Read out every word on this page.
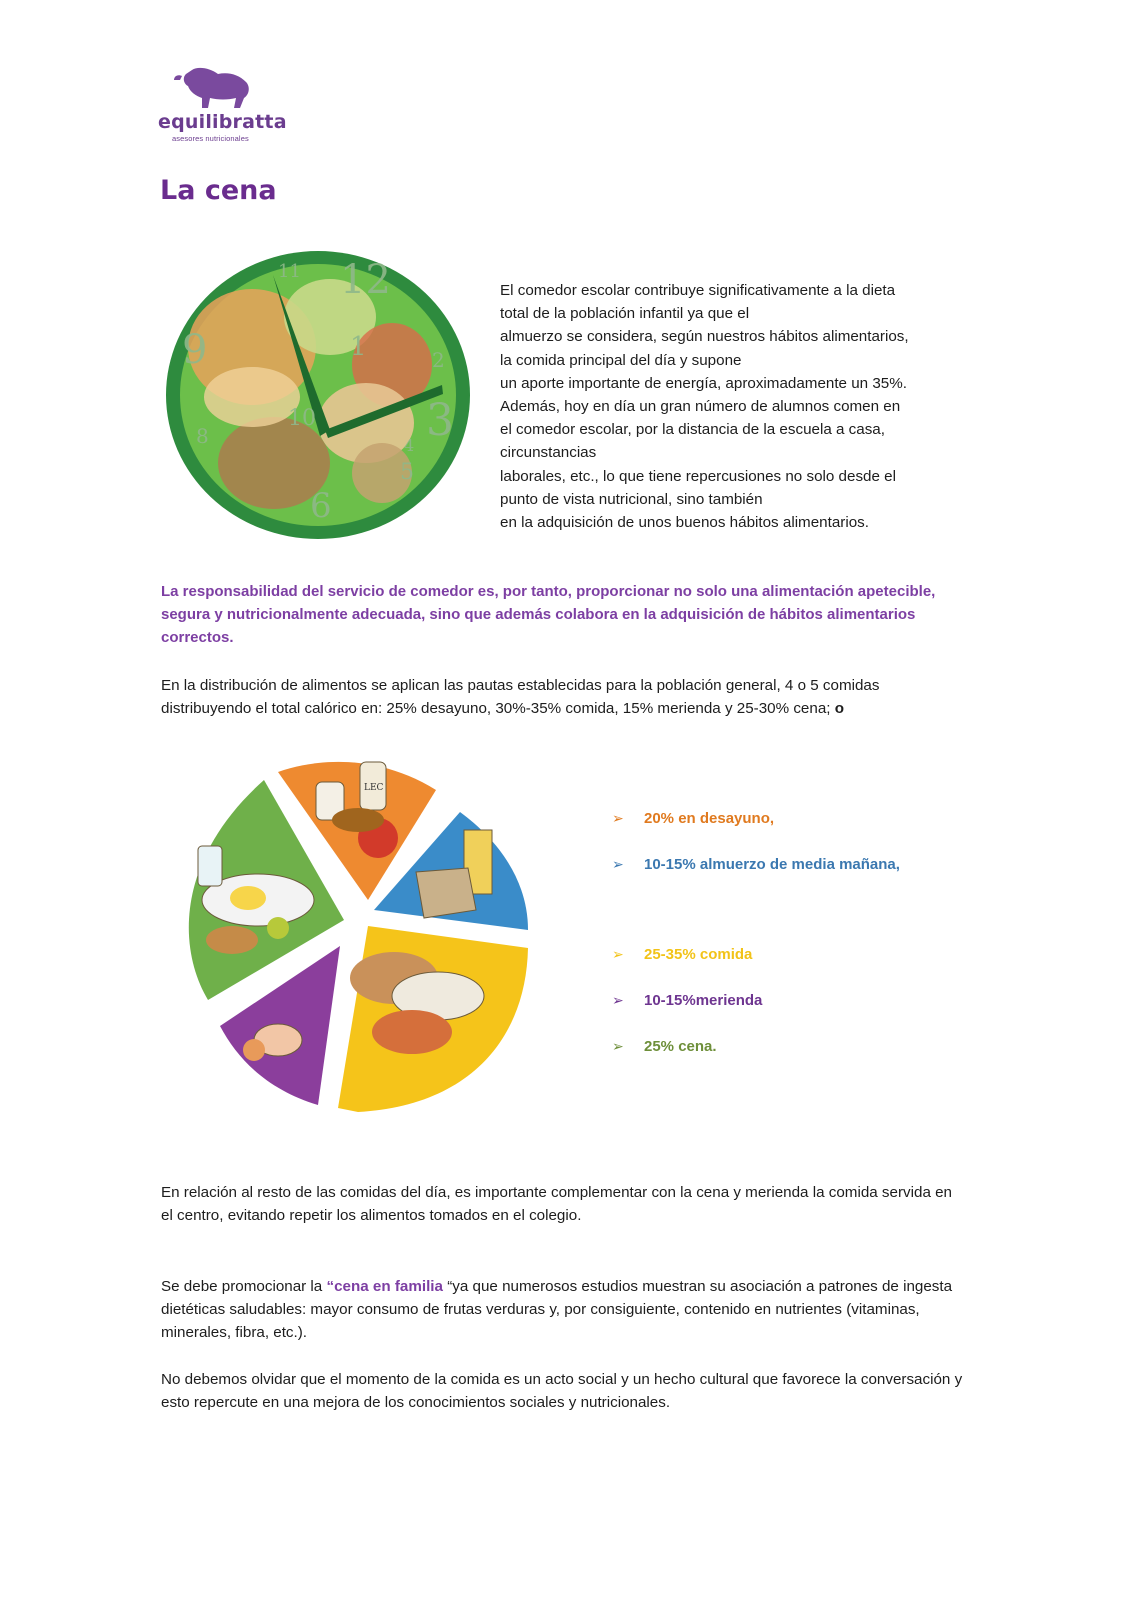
equilibratta
asesores nutricionales
La cena
12
1	2
3
4
5
6
8
9
10
11
El comedor escolar contribuye significativamente a la dieta
total de la población infantil ya que el
almuerzo se considera, según nuestros hábitos alimentarios,
la comida principal del día y supone
un aporte importante de energía, aproximadamente un 35%.
Además, hoy en día un gran número de alumnos comen en
el comedor escolar, por la distancia de la escuela a casa,
circunstancias
laborales, etc., lo que tiene repercusiones no solo desde el
punto de vista nutricional, sino también
en la adquisición de unos buenos hábitos alimentarios.
La responsabilidad del servicio de comedor es, por tanto, proporcionar no solo una alimentación apetecible, segura y nutricionalmente adecuada, sino que además colabora en la adquisición de hábitos alimentarios correctos.
En la distribución de alimentos se aplican las pautas establecidas para la población general, 4 o 5 comidas distribuyendo el total calórico en: 25% desayuno, 30%-35% comida, 15% merienda y 25-30% cena; o
LEC
➢ 20% en desayuno,
➢ 10-15% almuerzo de media mañana,
➢ 25-35% comida
➢ 10-15%merienda
➢ 25% cena.
En relación al resto de las comidas del día, es importante complementar con la cena y merienda la comida servida en el centro, evitando repetir los alimentos tomados en el colegio.
Se debe promocionar la “cena en familia “ya que numerosos estudios muestran su asociación a patrones de ingesta dietéticas saludables: mayor consumo de frutas verduras y, por consiguiente, contenido en nutrientes (vitaminas, minerales, fibra, etc.).
No debemos olvidar que el momento de la comida es un acto social y un hecho cultural que favorece la conversación y esto repercute en una mejora de los conocimientos sociales y nutricionales.
